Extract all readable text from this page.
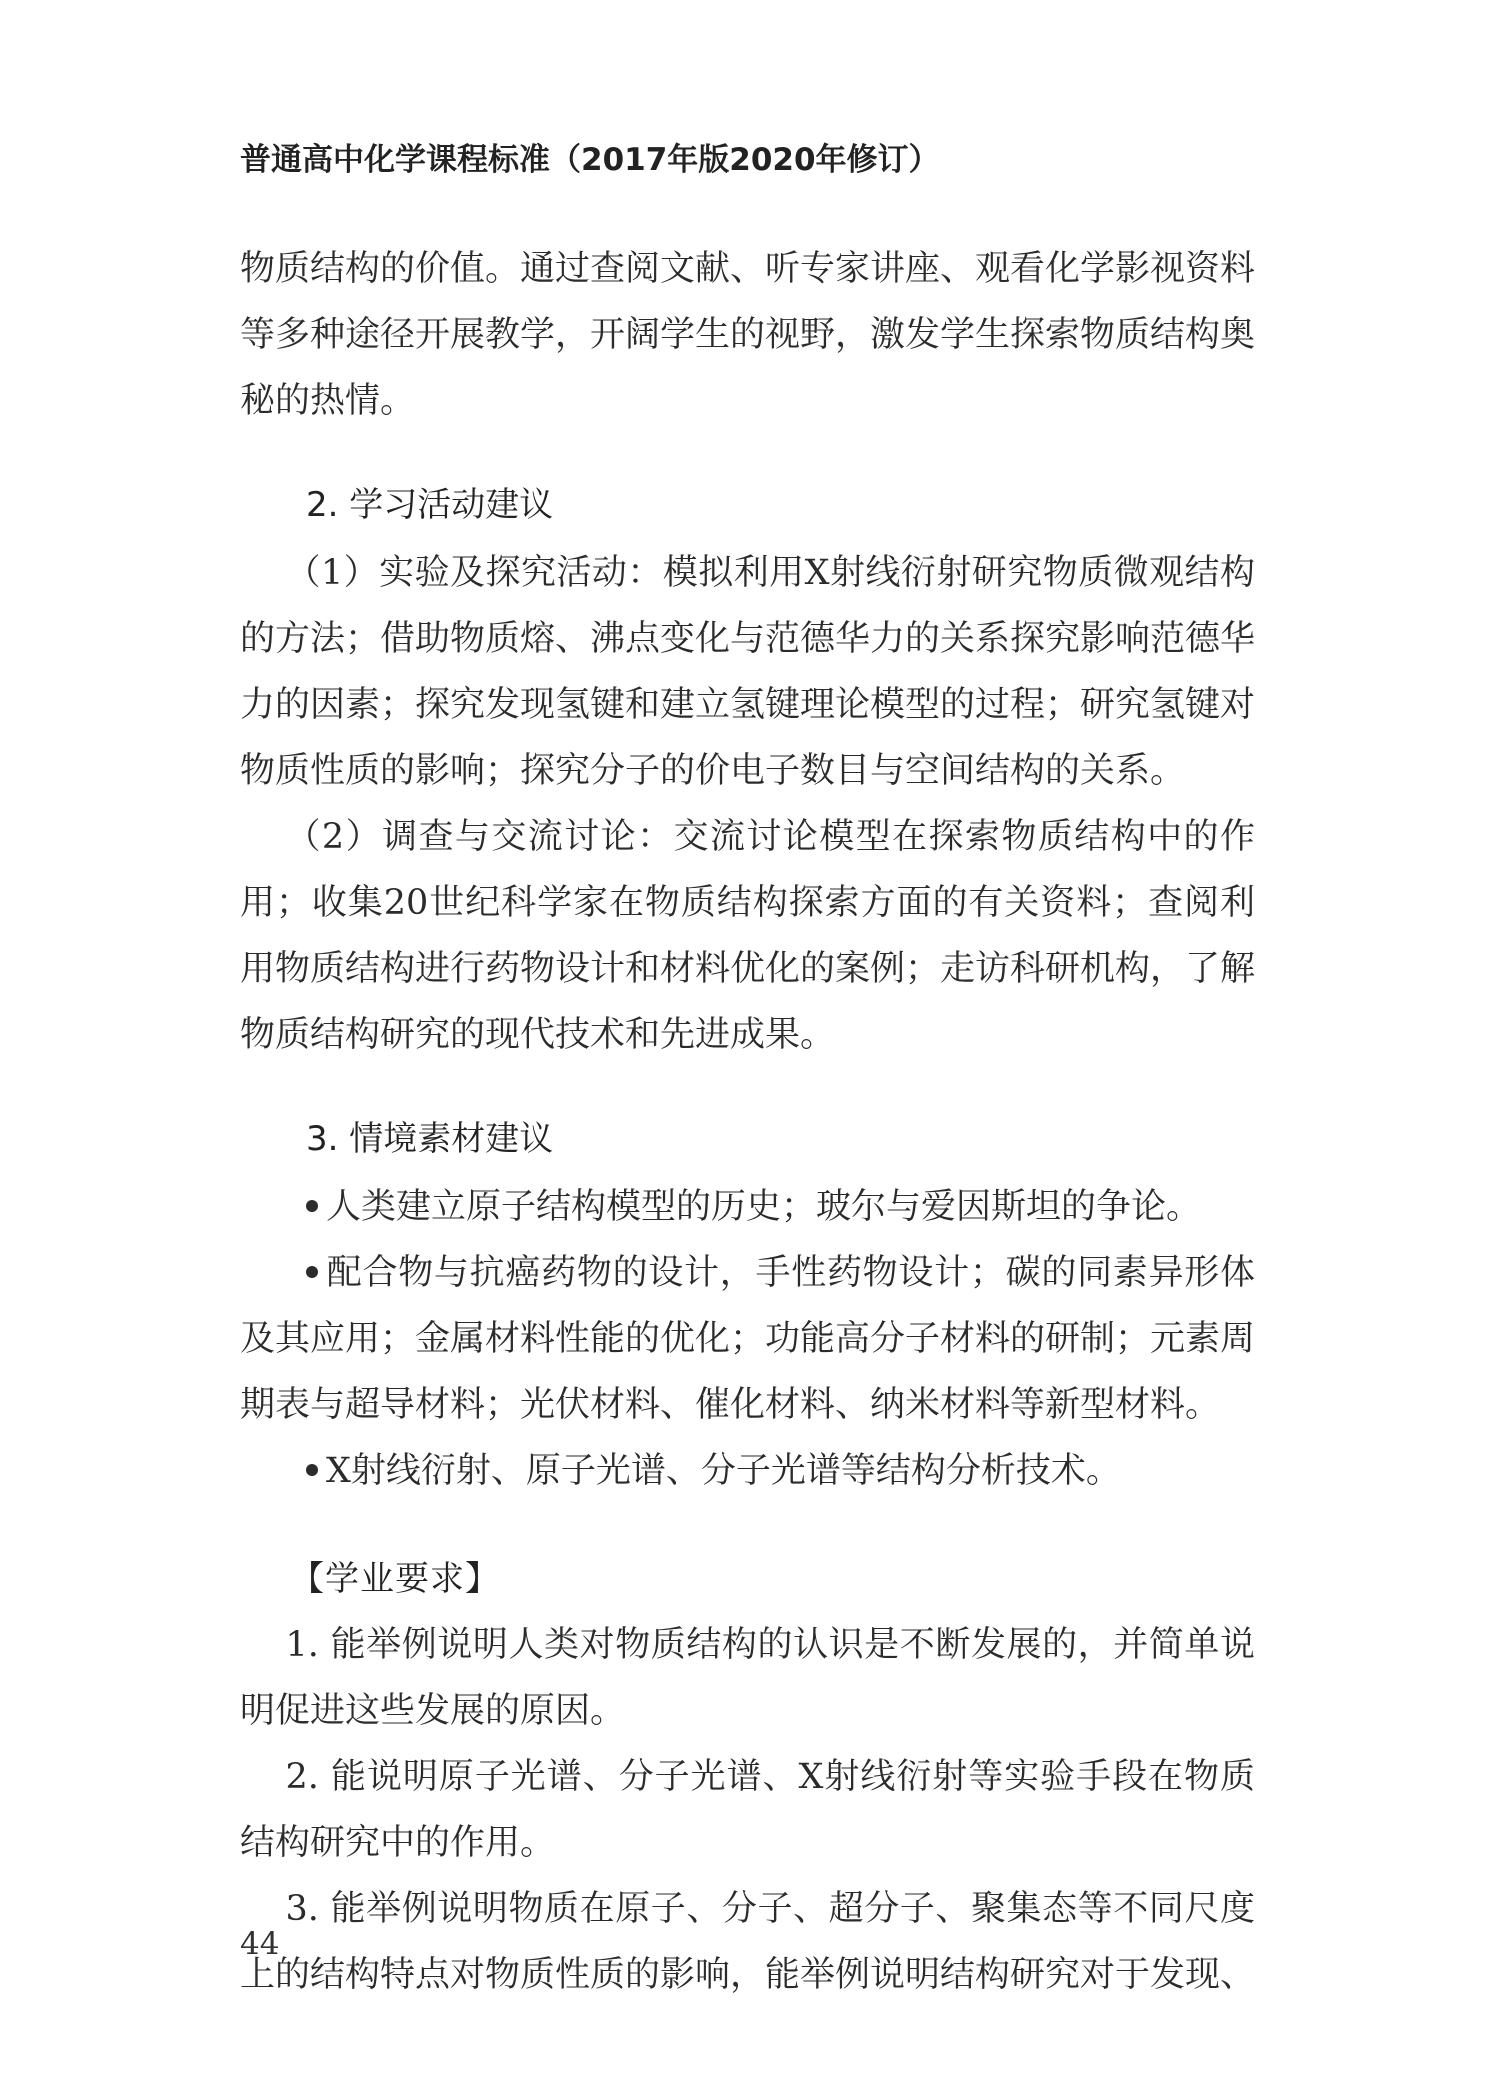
普通高中化学课程标准（2017年版2020年修订）

物质结构的价值。通过查阅文献、听专家讲座、观看化学影视资料等多种途径开展教学，开阔学生的视野，激发学生探索物质结构奥秘的热情。

2. 学习活动建议

（1）实验及探究活动：模拟利用X射线衍射研究物质微观结构的方法；借助物质熔、沸点变化与范德华力的关系探究影响范德华力的因素；探究发现氢键和建立氢键理论模型的过程；研究氢键对物质性质的影响；探究分子的价电子数目与空间结构的关系。

（2）调查与交流讨论：交流讨论模型在探索物质结构中的作用；收集20世纪科学家在物质结构探索方面的有关资料；查阅利用物质结构进行药物设计和材料优化的案例；走访科研机构，了解物质结构研究的现代技术和先进成果。

3. 情境素材建议

人类建立原子结构模型的历史；玻尔与爱因斯坦的争论。

配合物与抗癌药物的设计，手性药物设计；碳的同素异形体及其应用；金属材料性能的优化；功能高分子材料的研制；元素周期表与超导材料；光伏材料、催化材料、纳米材料等新型材料。

X射线衍射、原子光谱、分子光谱等结构分析技术。

【学业要求】

1. 能举例说明人类对物质结构的认识是不断发展的，并简单说明促进这些发展的原因。

2. 能说明原子光谱、分子光谱、X射线衍射等实验手段在物质结构研究中的作用。

3. 能举例说明物质在原子、分子、超分子、聚集态等不同尺度上的结构特点对物质性质的影响，能举例说明结构研究对于发现、

44
